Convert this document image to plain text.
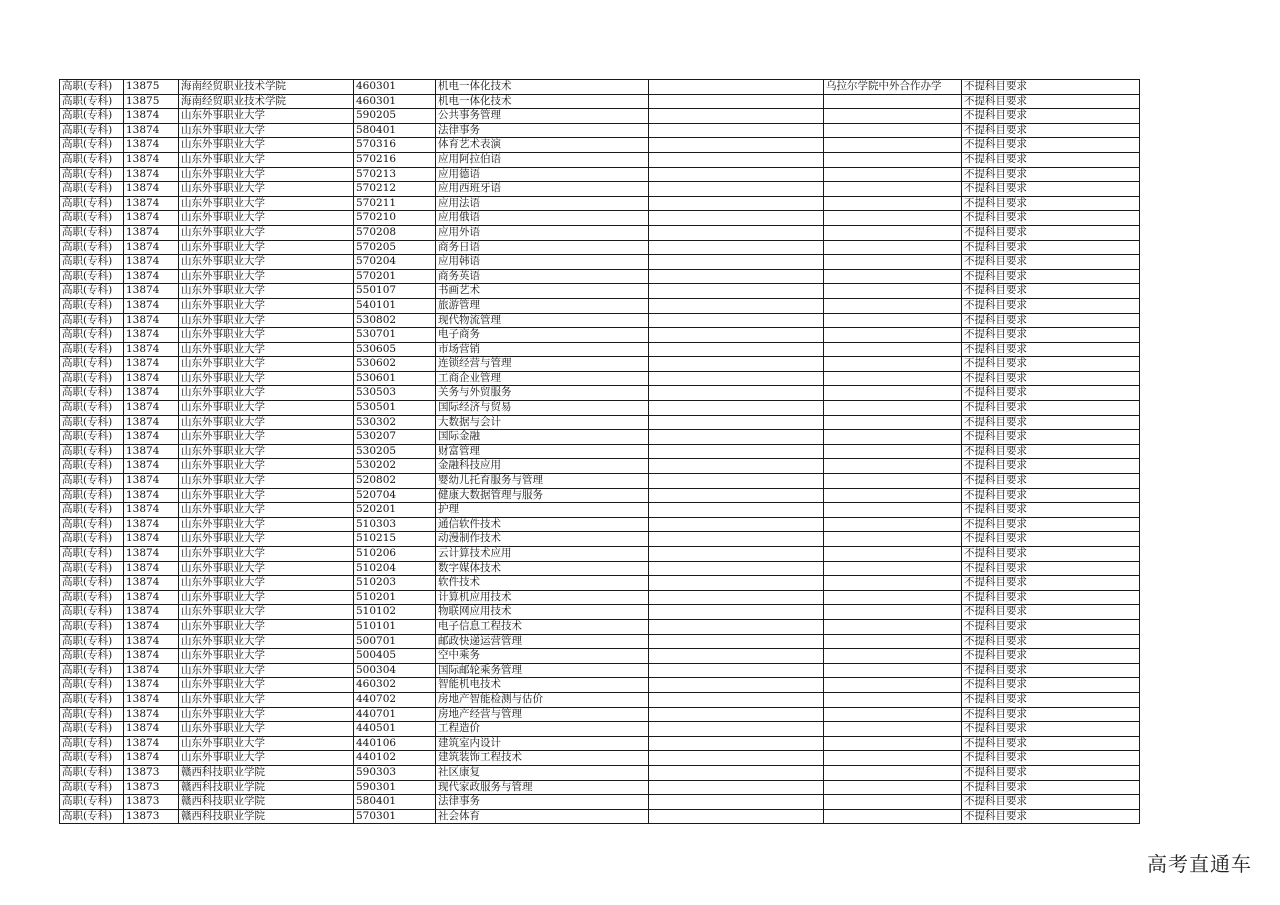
高职(专科)	13875	海南经贸职业技术学院	460301	机电一体化技术		乌拉尔学院中外合作办学	不提科目要求
高职(专科)	13875	海南经贸职业技术学院	460301	机电一体化技术			不提科目要求
高职(专科)	13874	山东外事职业大学	590205	公共事务管理			不提科目要求
高职(专科)	13874	山东外事职业大学	580401	法律事务			不提科目要求
高职(专科)	13874	山东外事职业大学	570316	体育艺术表演			不提科目要求
高职(专科)	13874	山东外事职业大学	570216	应用阿拉伯语			不提科目要求
高职(专科)	13874	山东外事职业大学	570213	应用德语			不提科目要求
高职(专科)	13874	山东外事职业大学	570212	应用西班牙语			不提科目要求
高职(专科)	13874	山东外事职业大学	570211	应用法语			不提科目要求
高职(专科)	13874	山东外事职业大学	570210	应用俄语			不提科目要求
高职(专科)	13874	山东外事职业大学	570208	应用外语			不提科目要求
高职(专科)	13874	山东外事职业大学	570205	商务日语			不提科目要求
高职(专科)	13874	山东外事职业大学	570204	应用韩语			不提科目要求
高职(专科)	13874	山东外事职业大学	570201	商务英语			不提科目要求
高职(专科)	13874	山东外事职业大学	550107	书画艺术			不提科目要求
高职(专科)	13874	山东外事职业大学	540101	旅游管理			不提科目要求
高职(专科)	13874	山东外事职业大学	530802	现代物流管理			不提科目要求
高职(专科)	13874	山东外事职业大学	530701	电子商务			不提科目要求
高职(专科)	13874	山东外事职业大学	530605	市场营销			不提科目要求
高职(专科)	13874	山东外事职业大学	530602	连锁经营与管理			不提科目要求
高职(专科)	13874	山东外事职业大学	530601	工商企业管理			不提科目要求
高职(专科)	13874	山东外事职业大学	530503	关务与外贸服务			不提科目要求
高职(专科)	13874	山东外事职业大学	530501	国际经济与贸易			不提科目要求
高职(专科)	13874	山东外事职业大学	530302	大数据与会计			不提科目要求
高职(专科)	13874	山东外事职业大学	530207	国际金融			不提科目要求
高职(专科)	13874	山东外事职业大学	530205	财富管理			不提科目要求
高职(专科)	13874	山东外事职业大学	530202	金融科技应用			不提科目要求
高职(专科)	13874	山东外事职业大学	520802	婴幼儿托育服务与管理			不提科目要求
高职(专科)	13874	山东外事职业大学	520704	健康大数据管理与服务			不提科目要求
高职(专科)	13874	山东外事职业大学	520201	护理			不提科目要求
高职(专科)	13874	山东外事职业大学	510303	通信软件技术			不提科目要求
高职(专科)	13874	山东外事职业大学	510215	动漫制作技术			不提科目要求
高职(专科)	13874	山东外事职业大学	510206	云计算技术应用			不提科目要求
高职(专科)	13874	山东外事职业大学	510204	数字媒体技术			不提科目要求
高职(专科)	13874	山东外事职业大学	510203	软件技术			不提科目要求
高职(专科)	13874	山东外事职业大学	510201	计算机应用技术			不提科目要求
高职(专科)	13874	山东外事职业大学	510102	物联网应用技术			不提科目要求
高职(专科)	13874	山东外事职业大学	510101	电子信息工程技术			不提科目要求
高职(专科)	13874	山东外事职业大学	500701	邮政快递运营管理			不提科目要求
高职(专科)	13874	山东外事职业大学	500405	空中乘务			不提科目要求
高职(专科)	13874	山东外事职业大学	500304	国际邮轮乘务管理			不提科目要求
高职(专科)	13874	山东外事职业大学	460302	智能机电技术			不提科目要求
高职(专科)	13874	山东外事职业大学	440702	房地产智能检测与估价			不提科目要求
高职(专科)	13874	山东外事职业大学	440701	房地产经营与管理			不提科目要求
高职(专科)	13874	山东外事职业大学	440501	工程造价			不提科目要求
高职(专科)	13874	山东外事职业大学	440106	建筑室内设计			不提科目要求
高职(专科)	13874	山东外事职业大学	440102	建筑装饰工程技术			不提科目要求
高职(专科)	13873	赣西科技职业学院	590303	社区康复			不提科目要求
高职(专科)	13873	赣西科技职业学院	590301	现代家政服务与管理			不提科目要求
高职(专科)	13873	赣西科技职业学院	580401	法律事务			不提科目要求
高职(专科)	13873	赣西科技职业学院	570301	社会体育			不提科目要求
高考直通车
